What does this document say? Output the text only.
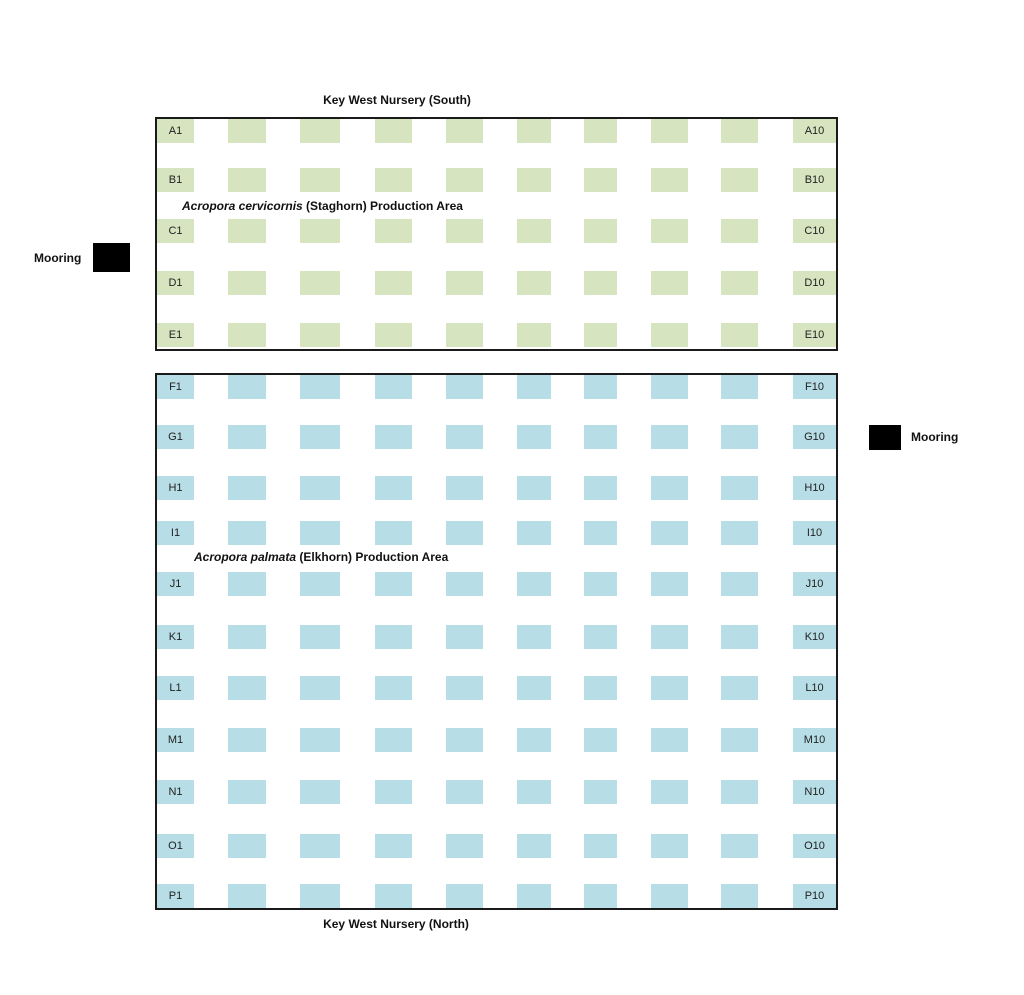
Key West Nursery (South)
A1	A10
B1	B10
C1	C10
D1	D10
E1	E10
F1	F10
G1	G10
H1	H10
I1	I10
J1	J10
K1	K10
L1	L10
M1	M10
N1	N10
O1	O10
P1	P10
Acropora cervicornis (Staghorn) Production Area
Acropora palmata (Elkhorn) Production Area
Mooring
Mooring
Key West Nursery (North)
